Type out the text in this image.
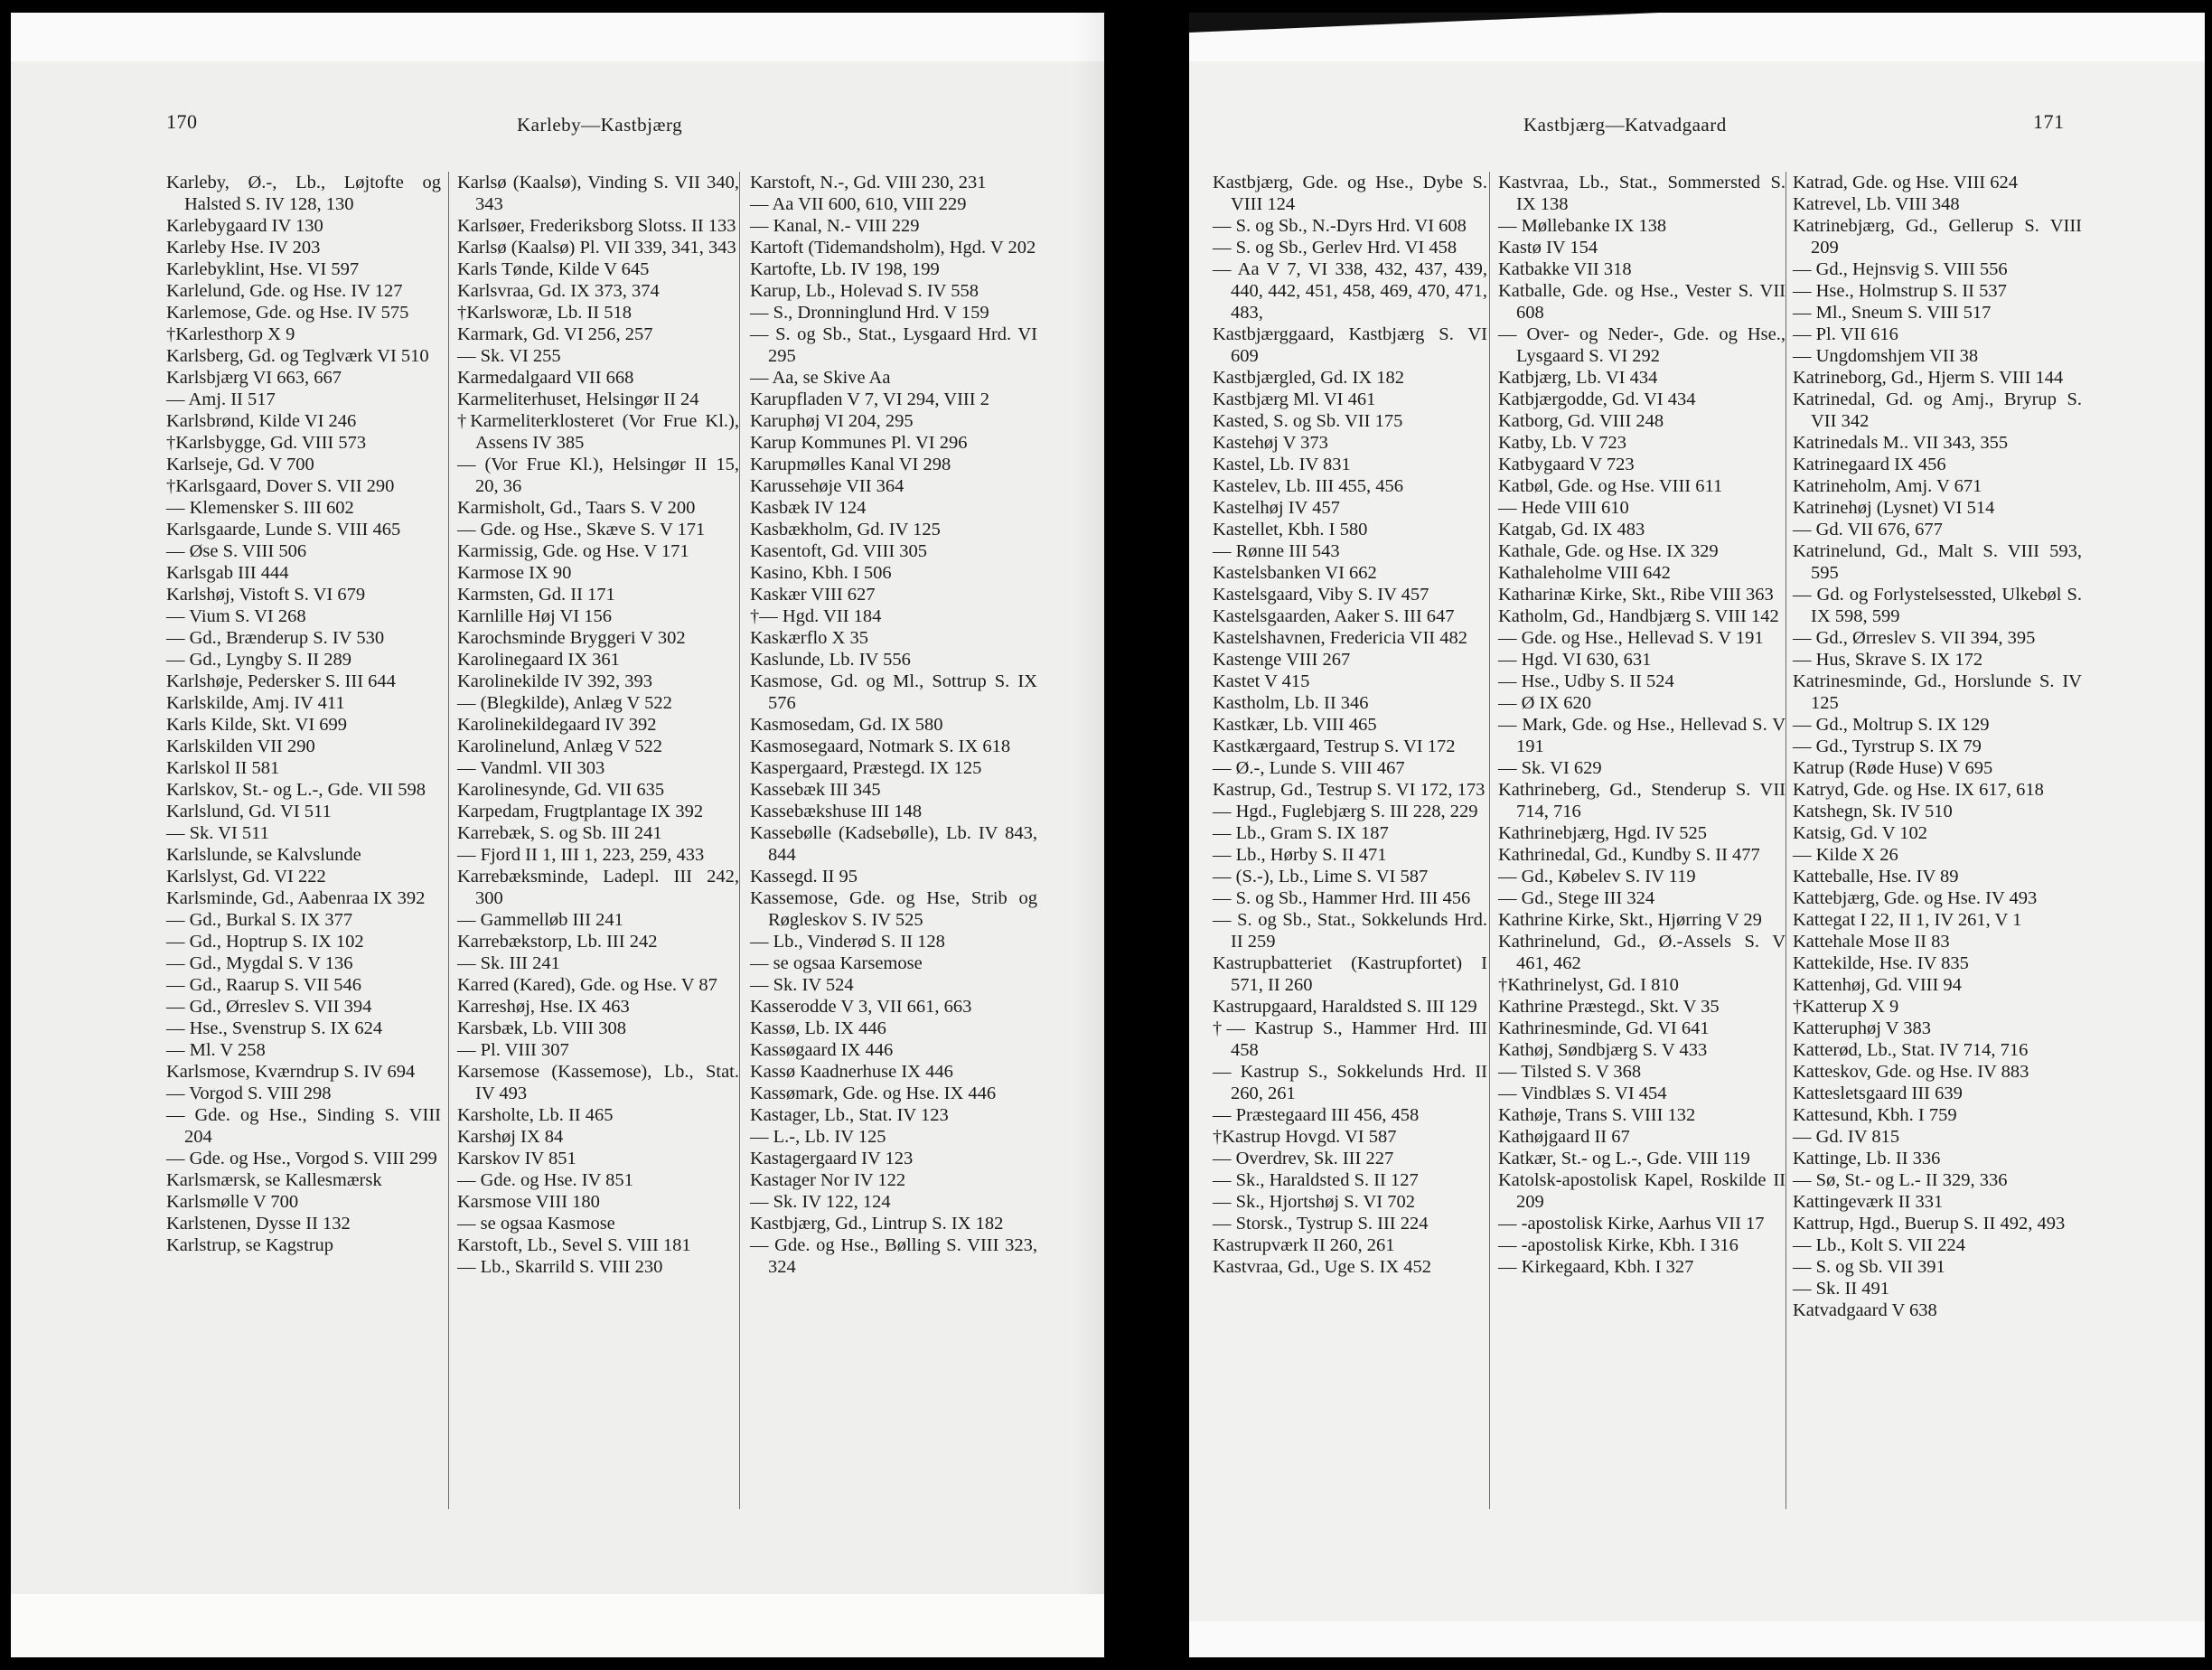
170	Karleby—Kastbjærg

Karleby, Ø.-, Lb., Løjtofte og Halsted S. IV 128, 130

Karlebygaard IV 130

Karleby Hse. IV 203

Karlebyklint, Hse. VI 597

Karlelund, Gde. og Hse. IV 127

Karlemose, Gde. og Hse. IV 575

†Karlesthorp X 9

Karlsberg, Gd. og Teglværk VI 510

Karlsbjærg VI 663, 667

— Amj. II 517

Karlsbrønd, Kilde VI 246

†Karlsbygge, Gd. VIII 573

Karlseje, Gd. V 700

†Karlsgaard, Dover S. VII 290

— Klemensker S. III 602

Karlsgaarde, Lunde S. VIII 465

— Øse S. VIII 506

Karlsgab III 444

Karlshøj, Vistoft S. VI 679

— Vium S. VI 268

— Gd., Brænderup S. IV 530

— Gd., Lyngby S. II 289

Karlshøje, Pedersker S. III 644

Karlskilde, Amj. IV 411

Karls Kilde, Skt. VI 699

Karlskilden VII 290

Karlskol II 581

Karlskov, St.- og L.-, Gde. VII 598

Karlslund, Gd. VI 511

— Sk. VI 511

Karlslunde, se Kalvslunde

Karlslyst, Gd. VI 222

Karlsminde, Gd., Aabenraa IX 392

— Gd., Burkal S. IX 377

— Gd., Hoptrup S. IX 102

— Gd., Mygdal S. V 136

— Gd., Raarup S. VII 546

— Gd., Ørreslev S. VII 394

— Hse., Svenstrup S. IX 624

— Ml. V 258

Karlsmose, Kværndrup S. IV 694

— Vorgod S. VIII 298

— Gde. og Hse., Sinding S. VIII 204

— Gde. og Hse., Vorgod S. VIII 299

Karlsmærsk, se Kallesmærsk

Karlsmølle V 700

Karlstenen, Dysse II 132

Karlstrup, se Kagstrup

Karlsø (Kaalsø), Vinding S. VII 340, 343

Karlsøer, Frederiksborg Slotss. II 133

Karlsø (Kaalsø) Pl. VII 339, 341, 343

Karls Tønde, Kilde V 645

Karlsvraa, Gd. IX 373, 374

†Karlsworæ, Lb. II 518

Karmark, Gd. VI 256, 257

— Sk. VI 255

Karmedalgaard VII 668

Karmeliterhuset, Helsingør II 24

†Karmeliterklosteret (Vor Frue Kl.), Assens IV 385

— (Vor Frue Kl.), Helsingør II 15, 20, 36

Karmisholt, Gd., Taars S. V 200

— Gde. og Hse., Skæve S. V 171

Karmissig, Gde. og Hse. V 171

Karmose IX 90

Karmsten, Gd. II 171

Karnlille Høj VI 156

Karochsminde Bryggeri V 302

Karolinegaard IX 361

Karolinekilde IV 392, 393

— (Blegkilde), Anlæg V 522

Karolinekildegaard IV 392

Karolinelund, Anlæg V 522

— Vandml. VII 303

Karolinesynde, Gd. VII 635

Karpedam, Frugtplantage IX 392

Karrebæk, S. og Sb. III 241

— Fjord II 1, III 1, 223, 259, 433

Karrebæksminde, Ladepl. III 242, 300

— Gammelløb III 241

Karrebækstorp, Lb. III 242

— Sk. III 241

Karred (Kared), Gde. og Hse. V 87

Karreshøj, Hse. IX 463

Karsbæk, Lb. VIII 308

— Pl. VIII 307

Karsemose (Kassemose), Lb., Stat. IV 493

Karsholte, Lb. II 465

Karshøj IX 84

Karskov IV 851

— Gde. og Hse. IV 851

Karsmose VIII 180

— se ogsaa Kasmose

Karstoft, Lb., Sevel S. VIII 181

— Lb., Skarrild S. VIII 230

Karstoft, N.-, Gd. VIII 230, 231

— Aa VII 600, 610, VIII 229

— Kanal, N.- VIII 229

Kartoft (Tidemandsholm), Hgd. V 202

Kartofte, Lb. IV 198, 199

Karup, Lb., Holevad S. IV 558

— S., Dronninglund Hrd. V 159

— S. og Sb., Stat., Lysgaard Hrd. VI 295

— Aa, se Skive Aa

Karupfladen V 7, VI 294, VIII 2

Karuphøj VI 204, 295

Karup Kommunes Pl. VI 296

Karupmølles Kanal VI 298

Karussehøje VII 364

Kasbæk IV 124

Kasbækholm, Gd. IV 125

Kasentoft, Gd. VIII 305

Kasino, Kbh. I 506

Kaskær VIII 627

†— Hgd. VII 184

Kaskærflo X 35

Kaslunde, Lb. IV 556

Kasmose, Gd. og Ml., Sottrup S. IX 576

Kasmosedam, Gd. IX 580

Kasmosegaard, Notmark S. IX 618

Kaspergaard, Præstegd. IX 125

Kassebæk III 345

Kassebækshuse III 148

Kassebølle (Kadsebølle), Lb. IV 843, 844

Kassegd. II 95

Kassemose, Gde. og Hse, Strib og Røgleskov S. IV 525

— Lb., Vinderød S. II 128

— se ogsaa Karsemose

— Sk. IV 524

Kasserodde V 3, VII 661, 663

Kassø, Lb. IX 446

Kassøgaard IX 446

Kassø Kaadnerhuse IX 446

Kassømark, Gde. og Hse. IX 446

Kastager, Lb., Stat. IV 123

— L.-, Lb. IV 125

Kastagergaard IV 123

Kastager Nor IV 122

— Sk. IV 122, 124

Kastbjærg, Gd., Lintrup S. IX 182

— Gde. og Hse., Bølling S. VIII 323, 324

Kastbjærg—Katvadgaard	171

Kastbjærg, Gde. og Hse., Dybe S. VIII 124

— S. og Sb., N.-Dyrs Hrd. VI 608

— S. og Sb., Gerlev Hrd. VI 458

— Aa V 7, VI 338, 432, 437, 439, 440, 442, 451, 458, 469, 470, 471, 483,

Kastbjærggaard, Kastbjærg S. VI 609

Kastbjærgled, Gd. IX 182

Kastbjærg Ml. VI 461

Kasted, S. og Sb. VII 175

Kastehøj V 373

Kastel, Lb. IV 831

Kastelev, Lb. III 455, 456

Kastelhøj IV 457

Kastellet, Kbh. I 580

— Rønne III 543

Kastelsbanken VI 662

Kastelsgaard, Viby S. IV 457

Kastelsgaarden, Aaker S. III 647

Kastelshavnen, Fredericia VII 482

Kastenge VIII 267

Kastet V 415

Kastholm, Lb. II 346

Kastkær, Lb. VIII 465

Kastkærgaard, Testrup S. VI 172

— Ø.-, Lunde S. VIII 467

Kastrup, Gd., Testrup S. VI 172, 173

— Hgd., Fuglebjærg S. III 228, 229

— Lb., Gram S. IX 187

— Lb., Hørby S. II 471

— (S.-), Lb., Lime S. VI 587

— S. og Sb., Hammer Hrd. III 456

— S. og Sb., Stat., Sokkelunds Hrd. II 259

Kastrupbatteriet (Kastrupfortet) I 571, II 260

Kastrupgaard, Haraldsted S. III 129

†— Kastrup S., Hammer Hrd. III 458

— Kastrup S., Sokkelunds Hrd. II 260, 261

— Præstegaard III 456, 458

†Kastrup Hovgd. VI 587

— Overdrev, Sk. III 227

— Sk., Haraldsted S. II 127

— Sk., Hjortshøj S. VI 702

— Storsk., Tystrup S. III 224

Kastrupværk II 260, 261

Kastvraa, Gd., Uge S. IX 452

Kastvraa, Lb., Stat., Sommersted S. IX 138

— Møllebanke IX 138

Kastø IV 154

Katbakke VII 318

Katballe, Gde. og Hse., Vester S. VII 608

— Over- og Neder-, Gde. og Hse., Lysgaard S. VI 292

Katbjærg, Lb. VI 434

Katbjærgodde, Gd. VI 434

Katborg, Gd. VIII 248

Katby, Lb. V 723

Katbygaard V 723

Katbøl, Gde. og Hse. VIII 611

— Hede VIII 610

Katgab, Gd. IX 483

Kathale, Gde. og Hse. IX 329

Kathaleholme VIII 642

Katharinæ Kirke, Skt., Ribe VIII 363

Katholm, Gd., Handbjærg S. VIII 142

— Gde. og Hse., Hellevad S. V 191

— Hgd. VI 630, 631

— Hse., Udby S. II 524

— Ø IX 620

— Mark, Gde. og Hse., Hellevad S. V 191

— Sk. VI 629

Kathrineberg, Gd., Stenderup S. VII 714, 716

Kathrinebjærg, Hgd. IV 525

Kathrinedal, Gd., Kundby S. II 477

— Gd., Købelev S. IV 119

— Gd., Stege III 324

Kathrine Kirke, Skt., Hjørring V 29

Kathrinelund, Gd., Ø.-Assels S. V 461, 462

†Kathrinelyst, Gd. I 810

Kathrine Præstegd., Skt. V 35

Kathrinesminde, Gd. VI 641

Kathøj, Søndbjærg S. V 433

— Tilsted S. V 368

— Vindblæs S. VI 454

Kathøje, Trans S. VIII 132

Kathøjgaard II 67

Katkær, St.- og L.-, Gde. VIII 119

Katolsk-apostolisk Kapel, Roskilde II 209

— -apostolisk Kirke, Aarhus VII 17

— -apostolisk Kirke, Kbh. I 316

— Kirkegaard, Kbh. I 327

Katrad, Gde. og Hse. VIII 624

Katrevel, Lb. VIII 348

Katrinebjærg, Gd., Gellerup S. VIII 209

— Gd., Hejnsvig S. VIII 556

— Hse., Holmstrup S. II 537

— Ml., Sneum S. VIII 517

— Pl. VII 616

— Ungdomshjem VII 38

Katrineborg, Gd., Hjerm S. VIII 144

Katrinedal, Gd. og Amj., Bryrup S. VII 342

Katrinedals M.. VII 343, 355

Katrinegaard IX 456

Katrineholm, Amj. V 671

Katrinehøj (Lysnet) VI 514

— Gd. VII 676, 677

Katrinelund, Gd., Malt S. VIII 593, 595

— Gd. og Forlystelsessted, Ulkebøl S. IX 598, 599

— Gd., Ørreslev S. VII 394, 395

— Hus, Skrave S. IX 172

Katrinesminde, Gd., Horslunde S. IV 125

— Gd., Moltrup S. IX 129

— Gd., Tyrstrup S. IX 79

Katrup (Røde Huse) V 695

Katryd, Gde. og Hse. IX 617, 618

Katshegn, Sk. IV 510

Katsig, Gd. V 102

— Kilde X 26

Katteballe, Hse. IV 89

Kattebjærg, Gde. og Hse. IV 493

Kattegat I 22, II 1, IV 261, V 1

Kattehale Mose II 83

Kattekilde, Hse. IV 835

Kattenhøj, Gd. VIII 94

†Katterup X 9

Katteruphøj V 383

Katterød, Lb., Stat. IV 714, 716

Katteskov, Gde. og Hse. IV 883

Kattesletsgaard III 639

Kattesund, Kbh. I 759

— Gd. IV 815

Kattinge, Lb. II 336

— Sø, St.- og L.- II 329, 336

Kattingeværk II 331

Kattrup, Hgd., Buerup S. II 492, 493

— Lb., Kolt S. VII 224

— S. og Sb. VII 391

— Sk. II 491

Katvadgaard V 638
